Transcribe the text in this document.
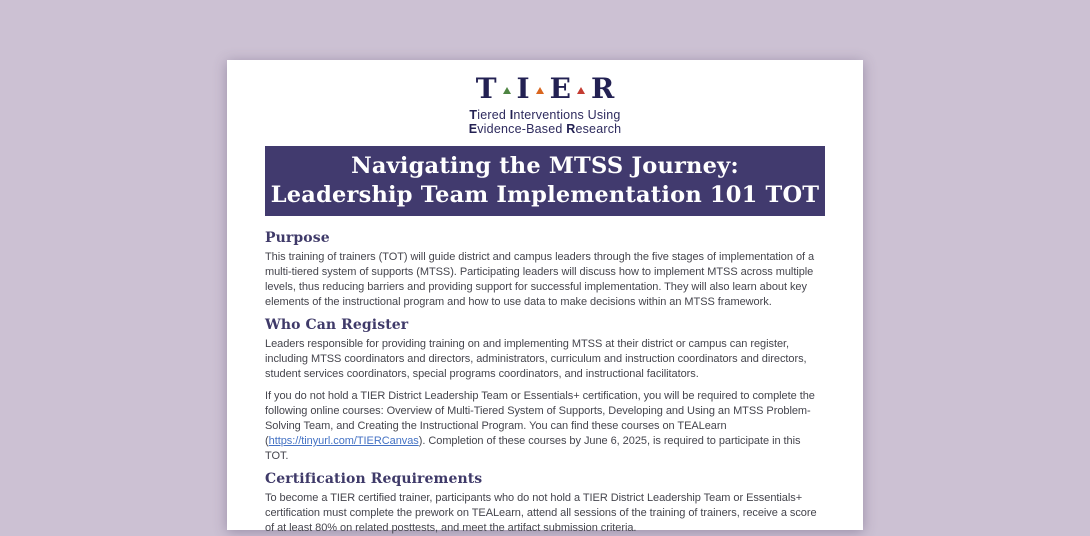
T I E R
Tiered Interventions Using
Evidence-Based Research
Navigating the MTSS Journey:
Leadership Team Implementation 101 TOT
Purpose

This training of trainers (TOT) will guide district and campus leaders through the five stages of implementation of a multi-tiered system of supports (MTSS). Participating leaders will discuss how to implement MTSS across multiple levels, thus reducing barriers and providing support for successful implementation. They will also learn about key elements of the instructional program and how to use data to make decisions within an MTSS framework.

Who Can Register

Leaders responsible for providing training on and implementing MTSS at their district or campus can register, including MTSS coordinators and directors, administrators, curriculum and instruction coordinators and directors, student services coordinators, special programs coordinators, and instructional facilitators.

If you do not hold a TIER District Leadership Team or Essentials+ certification, you will be required to complete the following online courses: Overview of Multi-Tiered System of Supports, Developing and Using an MTSS Problem-Solving Team, and Creating the Instructional Program. You can find these courses on TEALearn (https://tinyurl.com/TIERCanvas). Completion of these courses by June 6, 2025, is required to participate in this TOT.

Certification Requirements

To become a TIER certified trainer, participants who do not hold a TIER District Leadership Team or Essentials+ certification must complete the prework on TEALearn, attend all sessions of the training of trainers, receive a score of at least 80% on related posttests, and meet the artifact submission criteria.
